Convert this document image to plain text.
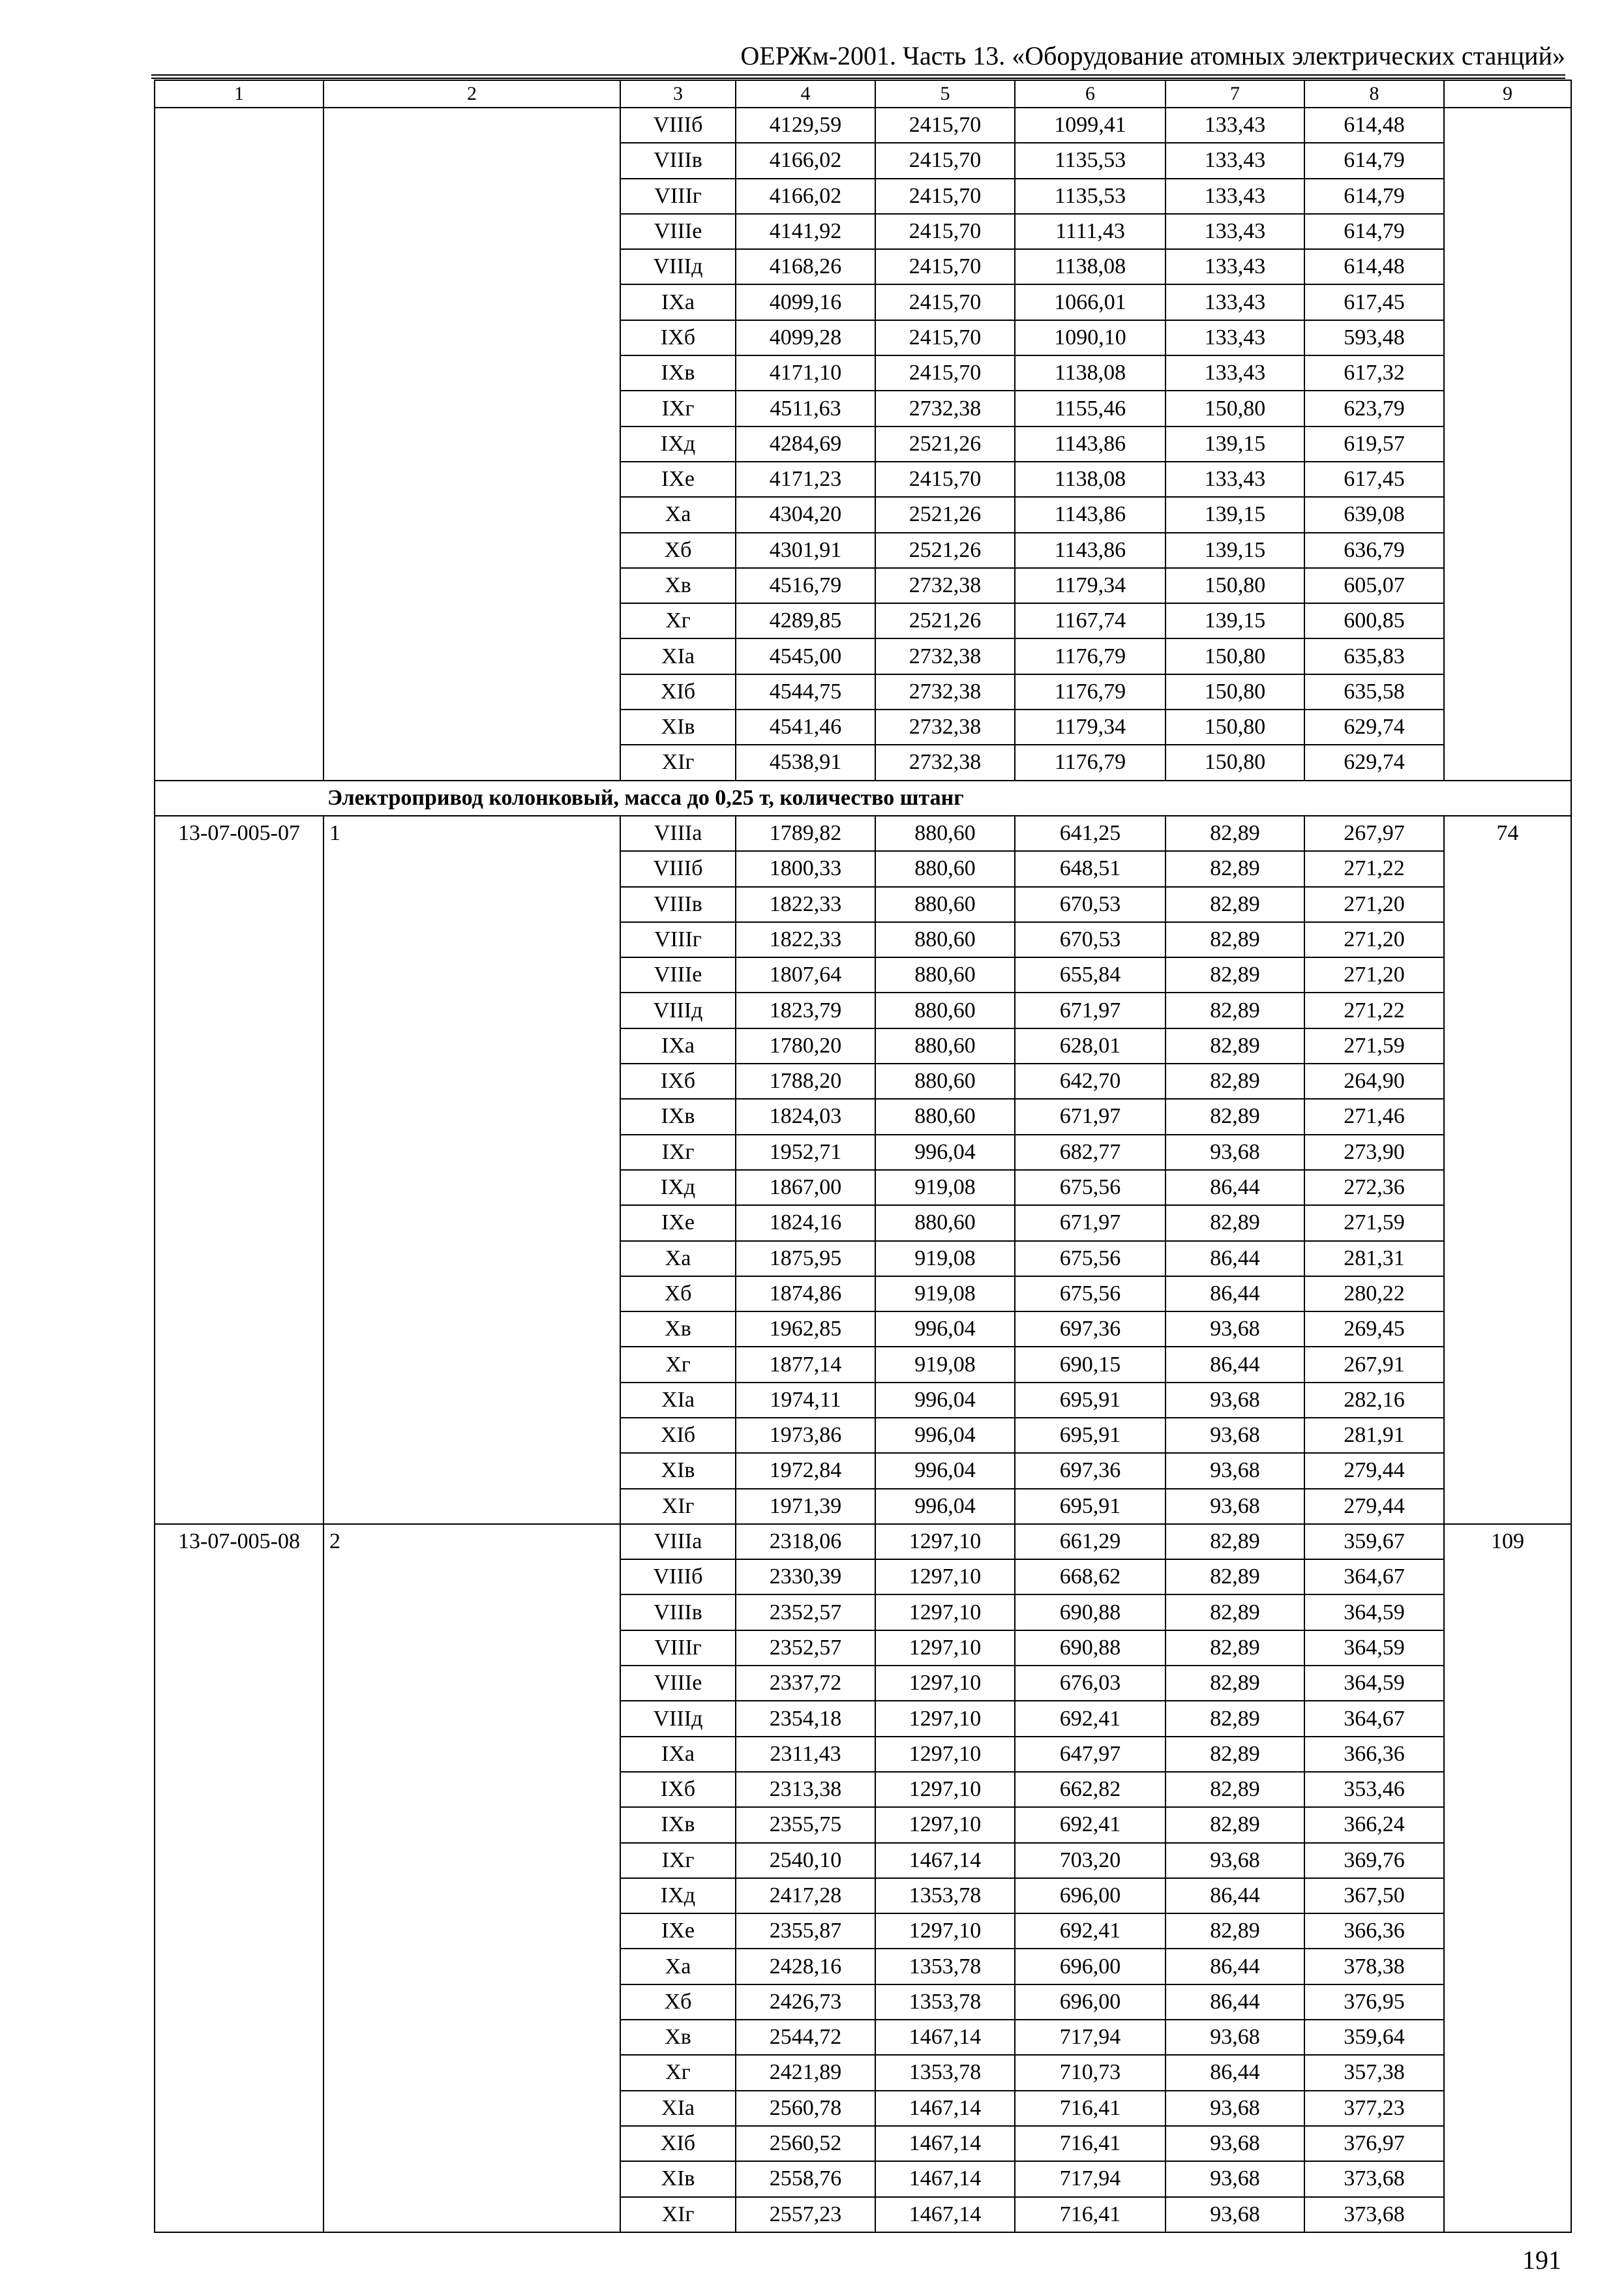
ОЕРЖм-2001. Часть 13. «Оборудование атомных электрических станций»
1	2	3	4	5	6	7	8	9
		VIIIб	4129,59	2415,70	1099,41	133,43	614,48	
		VIIIв	4166,02	2415,70	1135,53	133,43	614,79	
		VIIIг	4166,02	2415,70	1135,53	133,43	614,79	
		VIIIе	4141,92	2415,70	1111,43	133,43	614,79	
		VIIIд	4168,26	2415,70	1138,08	133,43	614,48	
		IXа	4099,16	2415,70	1066,01	133,43	617,45	
		IXб	4099,28	2415,70	1090,10	133,43	593,48	
		IXв	4171,10	2415,70	1138,08	133,43	617,32	
		IXг	4511,63	2732,38	1155,46	150,80	623,79	
		IXд	4284,69	2521,26	1143,86	139,15	619,57	
		IXе	4171,23	2415,70	1138,08	133,43	617,45	
		Xа	4304,20	2521,26	1143,86	139,15	639,08	
		Xб	4301,91	2521,26	1143,86	139,15	636,79	
		Xв	4516,79	2732,38	1179,34	150,80	605,07	
		Xг	4289,85	2521,26	1167,74	139,15	600,85	
		XIа	4545,00	2732,38	1176,79	150,80	635,83	
		XIб	4544,75	2732,38	1176,79	150,80	635,58	
		XIв	4541,46	2732,38	1179,34	150,80	629,74	
		XIг	4538,91	2732,38	1176,79	150,80	629,74	
	Электропривод колонковый, масса до 0,25 т, количество штанг							
13-07-005-07	1	VIIIа	1789,82	880,60	641,25	82,89	267,97	74
		VIIIб	1800,33	880,60	648,51	82,89	271,22	
		VIIIв	1822,33	880,60	670,53	82,89	271,20	
		VIIIг	1822,33	880,60	670,53	82,89	271,20	
		VIIIе	1807,64	880,60	655,84	82,89	271,20	
		VIIIд	1823,79	880,60	671,97	82,89	271,22	
		IXа	1780,20	880,60	628,01	82,89	271,59	
		IXб	1788,20	880,60	642,70	82,89	264,90	
		IXв	1824,03	880,60	671,97	82,89	271,46	
		IXг	1952,71	996,04	682,77	93,68	273,90	
		IXд	1867,00	919,08	675,56	86,44	272,36	
		IXе	1824,16	880,60	671,97	82,89	271,59	
		Xа	1875,95	919,08	675,56	86,44	281,31	
		Xб	1874,86	919,08	675,56	86,44	280,22	
		Xв	1962,85	996,04	697,36	93,68	269,45	
		Xг	1877,14	919,08	690,15	86,44	267,91	
		XIа	1974,11	996,04	695,91	93,68	282,16	
		XIб	1973,86	996,04	695,91	93,68	281,91	
		XIв	1972,84	996,04	697,36	93,68	279,44	
		XIг	1971,39	996,04	695,91	93,68	279,44	
13-07-005-08	2	VIIIа	2318,06	1297,10	661,29	82,89	359,67	109
		VIIIб	2330,39	1297,10	668,62	82,89	364,67	
		VIIIв	2352,57	1297,10	690,88	82,89	364,59	
		VIIIг	2352,57	1297,10	690,88	82,89	364,59	
		VIIIе	2337,72	1297,10	676,03	82,89	364,59	
		VIIIд	2354,18	1297,10	692,41	82,89	364,67	
		IXа	2311,43	1297,10	647,97	82,89	366,36	
		IXб	2313,38	1297,10	662,82	82,89	353,46	
		IXв	2355,75	1297,10	692,41	82,89	366,24	
		IXг	2540,10	1467,14	703,20	93,68	369,76	
		IXд	2417,28	1353,78	696,00	86,44	367,50	
		IXе	2355,87	1297,10	692,41	82,89	366,36	
		Xа	2428,16	1353,78	696,00	86,44	378,38	
		Xб	2426,73	1353,78	696,00	86,44	376,95	
		Xв	2544,72	1467,14	717,94	93,68	359,64	
		Xг	2421,89	1353,78	710,73	86,44	357,38	
		XIа	2560,78	1467,14	716,41	93,68	377,23	
		XIб	2560,52	1467,14	716,41	93,68	376,97	
		XIв	2558,76	1467,14	717,94	93,68	373,68	
		XIг	2557,23	1467,14	716,41	93,68	373,68	
191
